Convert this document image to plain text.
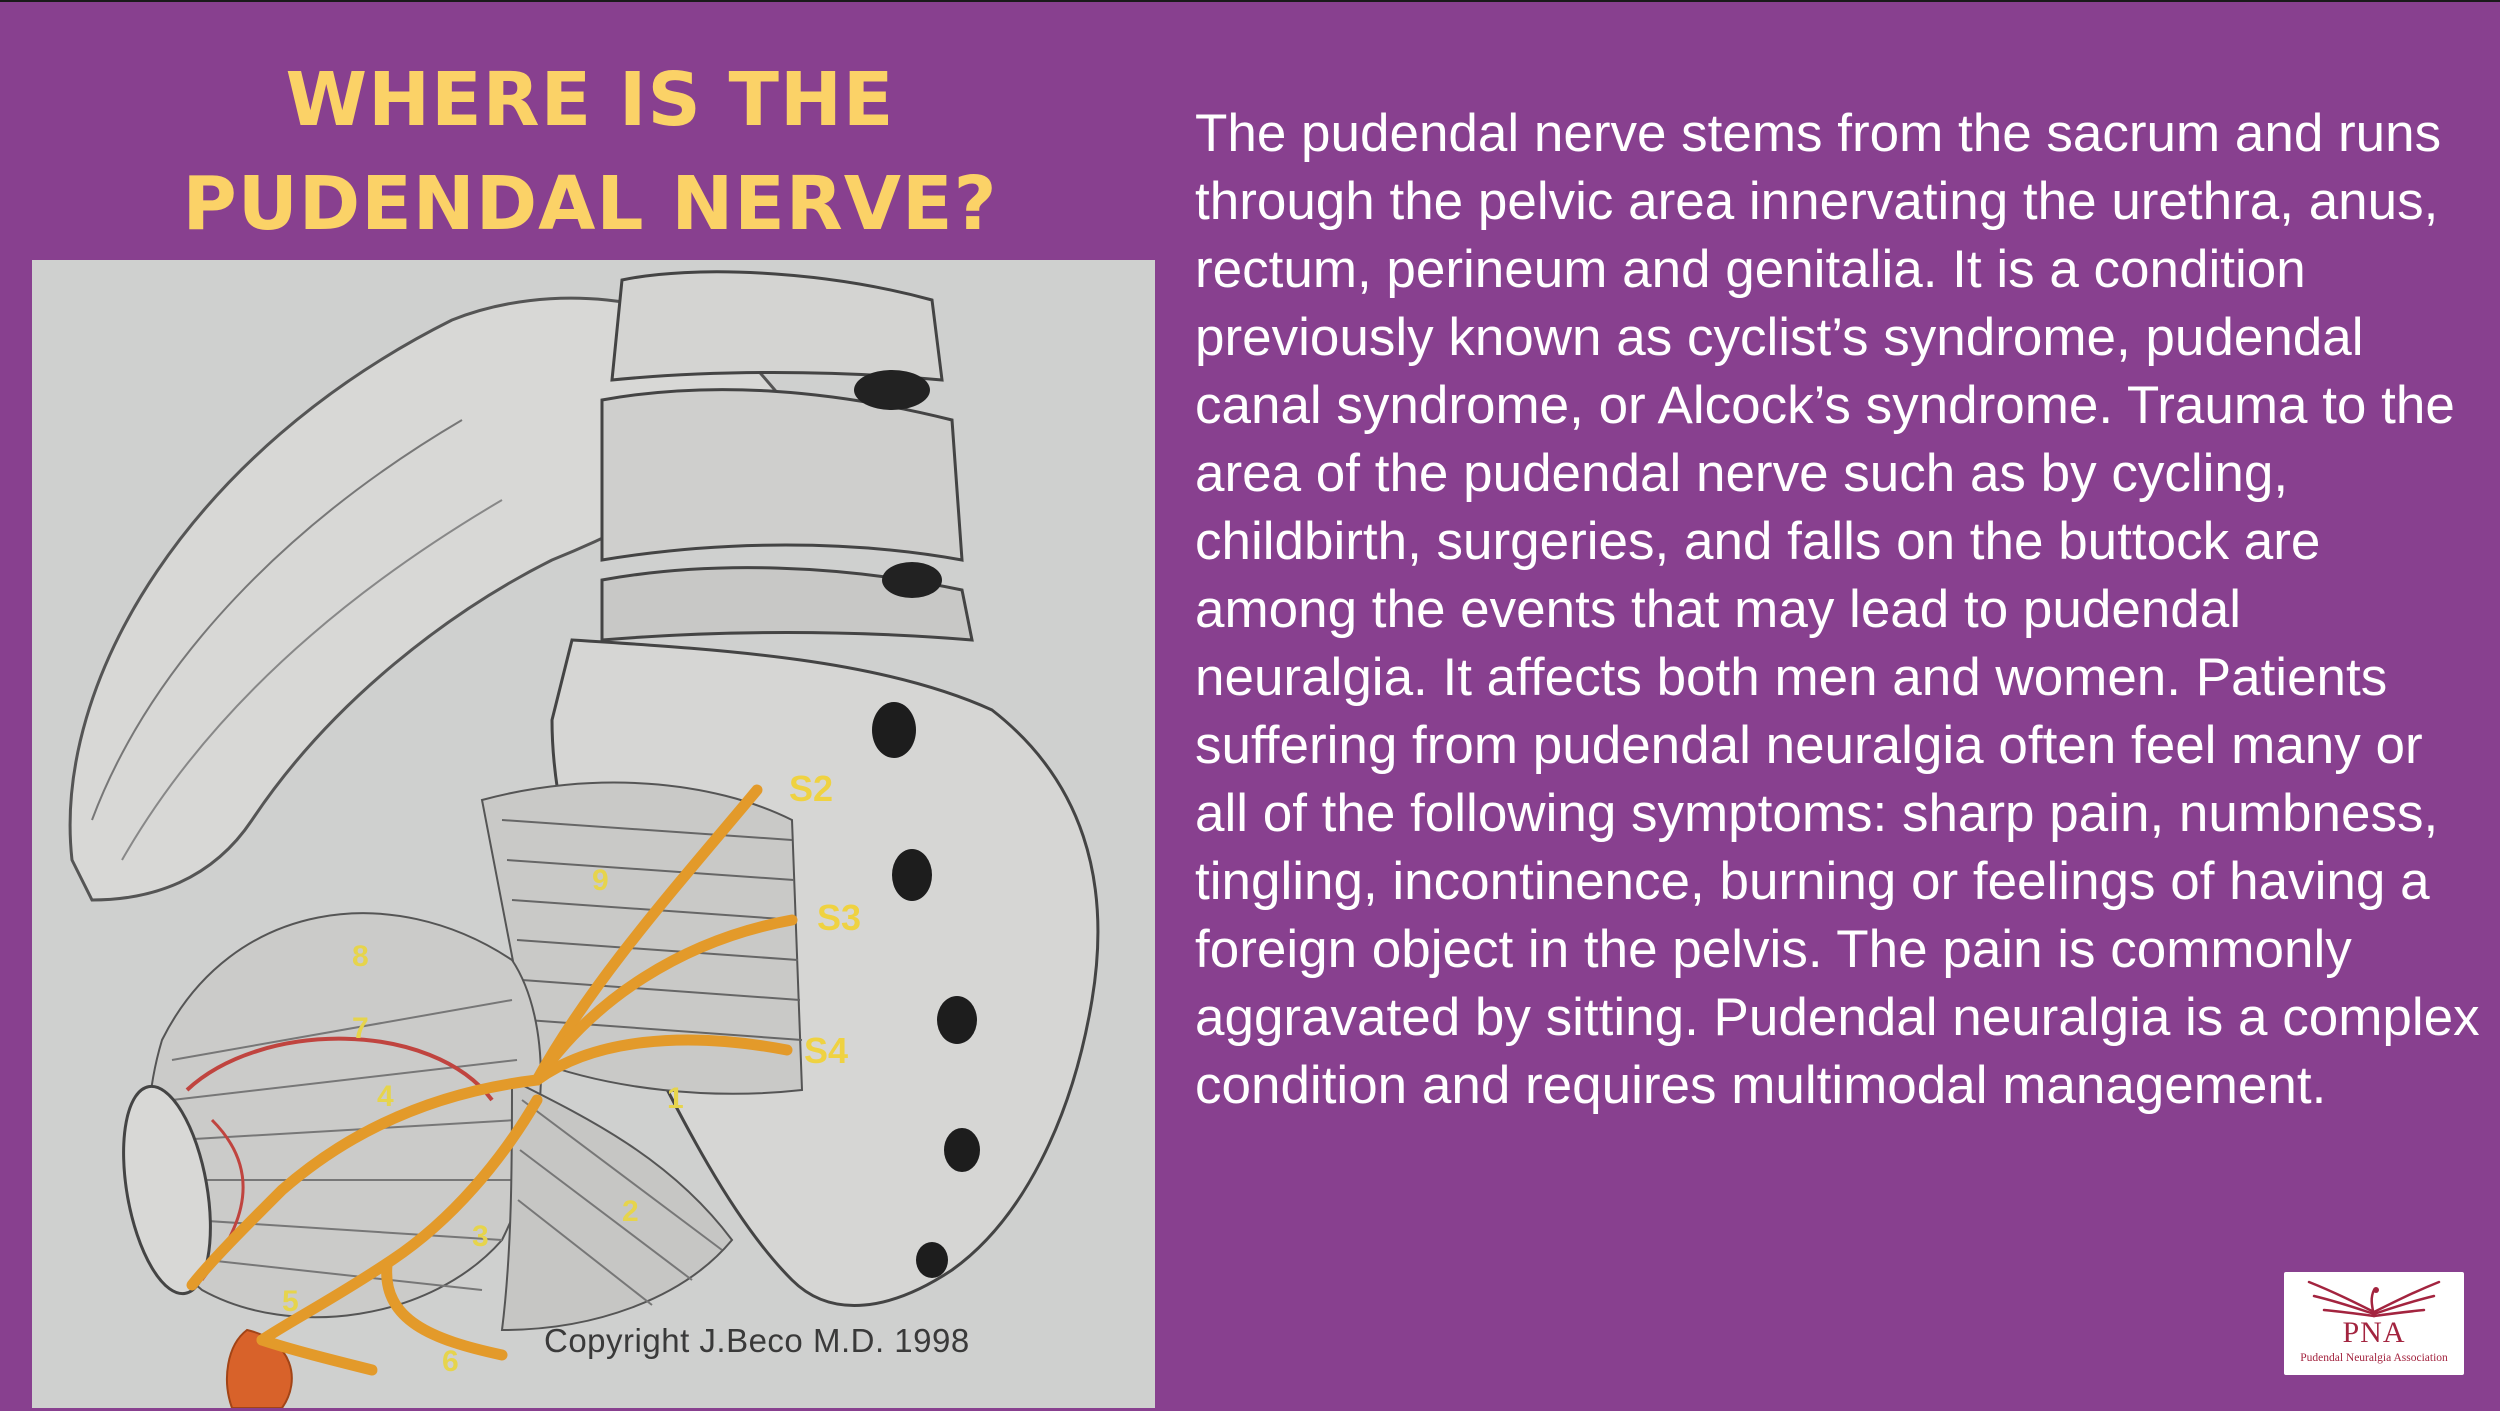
WHERE IS THE
PUDENDAL NERVE?
S2
S3
S4
1
2
3
4
5
6
7
8
9
Copyright J.Beco M.D. 1998
The pudendal nerve stems from the sacrum and runs through the pelvic area innervating the urethra, anus, rectum, perineum and genitalia. It is a condition previously known as cyclist’s syndrome, pudendal canal syndrome, or Alcock’s syndrome. Trauma to the area of the pudendal nerve such as by cycling, childbirth, surgeries, and falls on the buttock are among the events that may lead to pudendal neuralgia. It affects both men and women. Patients suffering from pudendal neuralgia often feel many or all of the following symptoms: sharp pain, numbness, tingling, incontinence, burning or feelings of having a foreign object in the pelvis. The pain is commonly aggravated by sitting. Pudendal neuralgia is a complex condition and requires multimodal management.
PNA
Pudendal Neuralgia Association
